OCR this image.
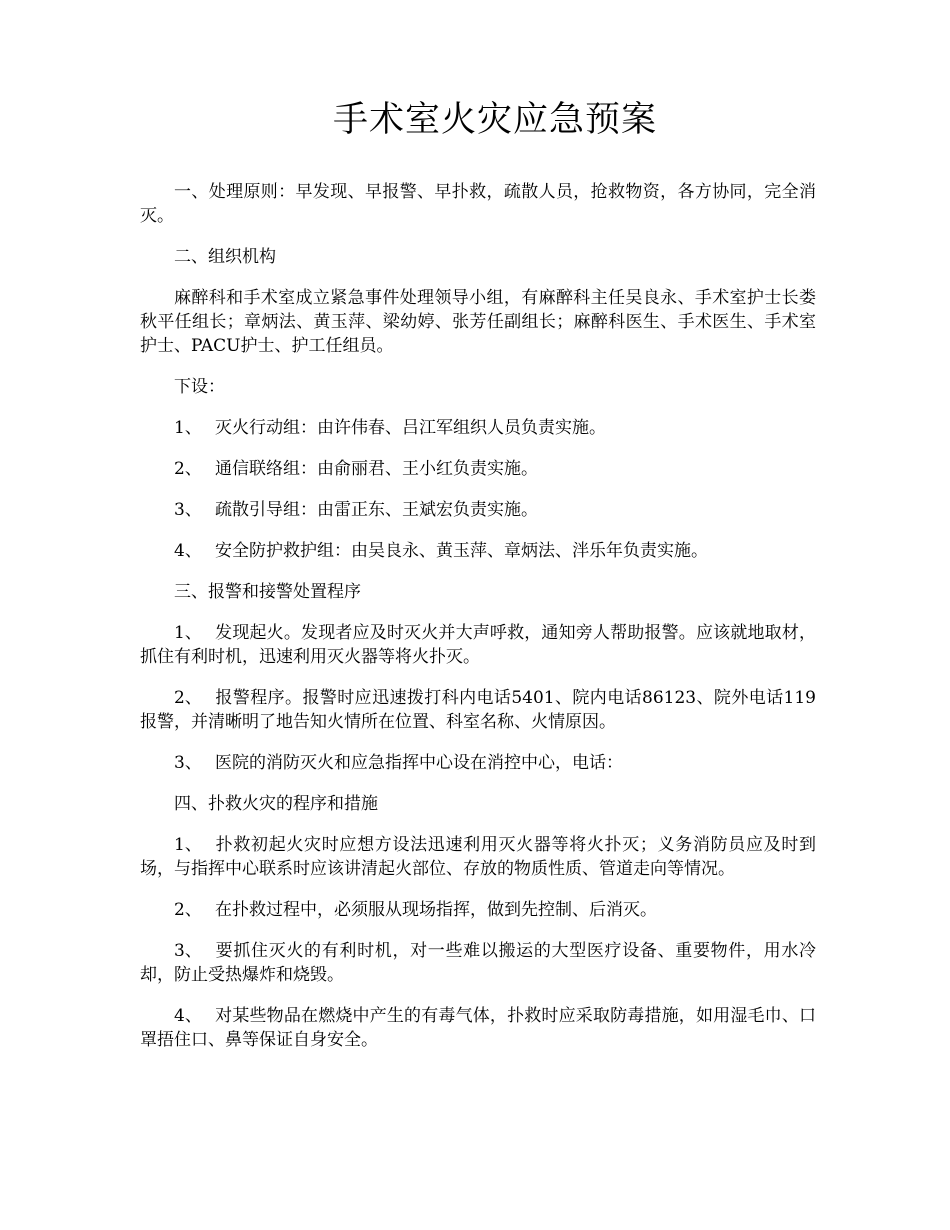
手术室火灾应急预案

一、处理原则：早发现、早报警、早扑救，疏散人员，抢救物资，各方协同，完全消灭。

二、组织机构

麻醉科和手术室成立紧急事件处理领导小组，有麻醉科主任吴良永、手术室护士长娄秋平任组长；章炳法、黄玉萍、梁幼婷、张芳任副组长；麻醉科医生、手术医生、手术室护士、PACU护士、护工任组员。

下设：

1、 灭火行动组：由许伟春、吕江军组织人员负责实施。

2、 通信联络组：由俞丽君、王小红负责实施。

3、 疏散引导组：由雷正东、王斌宏负责实施。

4、 安全防护救护组：由吴良永、黄玉萍、章炳法、泮乐年负责实施。

三、报警和接警处置程序

1、 发现起火。发现者应及时灭火并大声呼救，通知旁人帮助报警。应该就地取材，抓住有利时机，迅速利用灭火器等将火扑灭。

2、 报警程序。报警时应迅速拨打科内电话5401、院内电话86123、院外电话119报警，并清晰明了地告知火情所在位置、科室名称、火情原因。

3、 医院的消防灭火和应急指挥中心设在消控中心，电话：

四、扑救火灾的程序和措施

1、 扑救初起火灾时应想方设法迅速利用灭火器等将火扑灭；义务消防员应及时到场，与指挥中心联系时应该讲清起火部位、存放的物质性质、管道走向等情况。

2、 在扑救过程中，必须服从现场指挥，做到先控制、后消灭。

3、 要抓住灭火的有利时机，对一些难以搬运的大型医疗设备、重要物件，用水冷却，防止受热爆炸和烧毁。

4、 对某些物品在燃烧中产生的有毒气体，扑救时应采取防毒措施，如用湿毛巾、口罩捂住口、鼻等保证自身安全。
